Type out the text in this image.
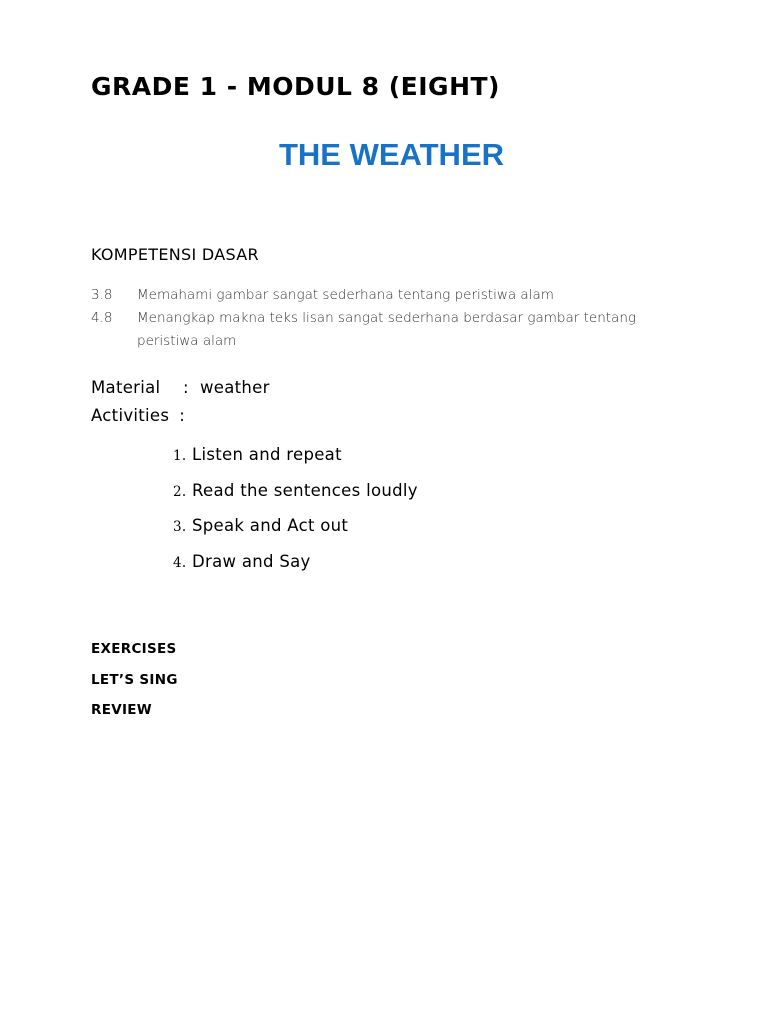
GRADE 1 - MODUL 8 (EIGHT)
THE WEATHER
KOMPETENSI DASAR
3.8	Memahami gambar sangat sederhana tentang peristiwa alam
4.8	Menangkap makna teks lisan sangat sederhana berdasar gambar tentang peristiwa alam
Material : weather
Activities :
1. Listen and repeat
2. Read the sentences loudly
3. Speak and Act out
4. Draw and Say
EXERCISES
LET’S SING
REVIEW
